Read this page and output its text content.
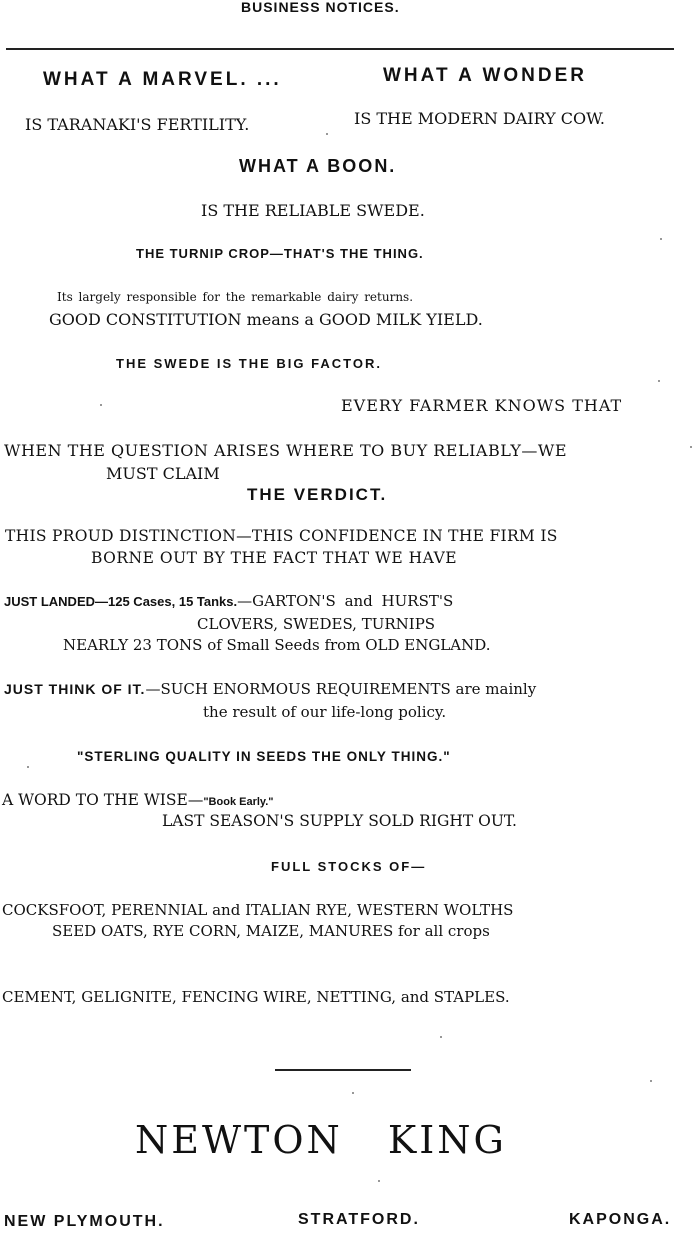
BUSINESS NOTICES.
WHAT A MARVEL. ...	WHAT A WONDER
IS TARANAKI'S FERTILITY.	IS THE MODERN DAIRY COW.
WHAT A BOON.
IS THE RELIABLE SWEDE.
THE TURNIP CROP—THAT'S THE THING.
Its largely responsible for the remarkable dairy returns.
GOOD CONSTITUTION means a GOOD MILK YIELD.
THE SWEDE IS THE BIG FACTOR.
EVERY FARMER KNOWS THAT
WHEN THE QUESTION ARISES WHERE TO BUY RELIABLY—WE
MUST CLAIM
THE VERDICT.
THIS PROUD DISTINCTION—THIS CONFIDENCE IN THE FIRM IS
BORNE OUT BY THE FACT THAT WE HAVE
JUST LANDED—125 Cases, 15 Tanks.—GARTON'S and HURST'S
CLOVERS, SWEDES, TURNIPS
NEARLY 23 TONS of Small Seeds from OLD ENGLAND.
JUST THINK OF IT.—SUCH ENORMOUS REQUIREMENTS are mainly
the result of our life-long policy.
"STERLING QUALITY IN SEEDS THE ONLY THING."
A WORD TO THE WISE—"Book Early."
LAST SEASON'S SUPPLY SOLD RIGHT OUT.
FULL STOCKS OF—
COCKSFOOT, PERENNIAL and ITALIAN RYE, WESTERN WOLTHS
SEED OATS, RYE CORN, MAIZE, MANURES for all crops
CEMENT, GELIGNITE, FENCING WIRE, NETTING, and STAPLES.
NEWTON KING
NEW PLYMOUTH.	STRATFORD.	KAPONGA.
